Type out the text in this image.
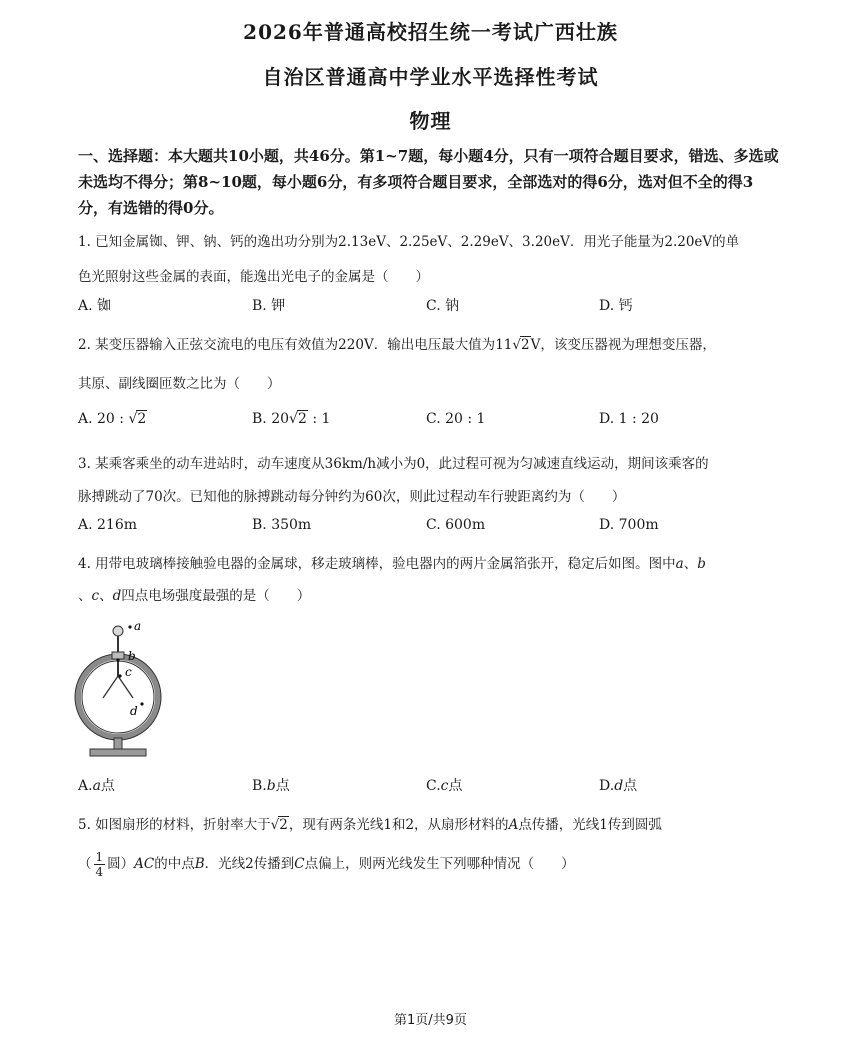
2026年普通高校招生统一考试广西壮族
自治区普通高中学业水平选择性考试
物理
一、选择题：本大题共10小题，共46分。第1~7题，每小题4分，只有一项符合题目要求，错选、多选或未选均不得分；第8~10题，每小题6分，有多项符合题目要求，全部选对的得6分，选对但不全的得3分，有选错的得0分。
1. 已知金属铷、钾、钠、钙的逸出功分别为2.13eV、2.25eV、2.29eV、3.20eV．用光子能量为2.20eV的单
色光照射这些金属的表面，能逸出光电子的金属是（　　）
A. 铷	B. 钾	C. 钠	D. 钙
2. 某变压器输入正弦交流电的电压有效值为220V．输出电压最大值为11√2V，该变压器视为理想变压器，
其原、副线圈匝数之比为（　　）
A. 20 : √2	B. 20√2 : 1	C. 20 : 1	D. 1 : 20
3. 某乘客乘坐的动车进站时，动车速度从36km/h减小为0，此过程可视为匀减速直线运动，期间该乘客的
脉搏跳动了70次。已知他的脉搏跳动每分钟约为60次，则此过程动车行驶距离约为（　　）
A. 216m	B. 350m	C. 600m	D. 700m
4. 用带电玻璃棒接触验电器的金属球，移走玻璃棒，验电器内的两片金属箔张开，稳定后如图。图中a、b
、c、d四点电场强度最强的是（　　）
a
b
c
d
A.a点	B.b点	C.c点	D.d点
5. 如图扇形的材料，折射率大于√2，现有两条光线1和2，从扇形材料的A点传播，光线1传到圆弧
（ $\frac{1}{4}$ 圆）AC的中点B．光线2传播到C点偏上，则两光线发生下列哪种情况（　　）
第1页/共9页
